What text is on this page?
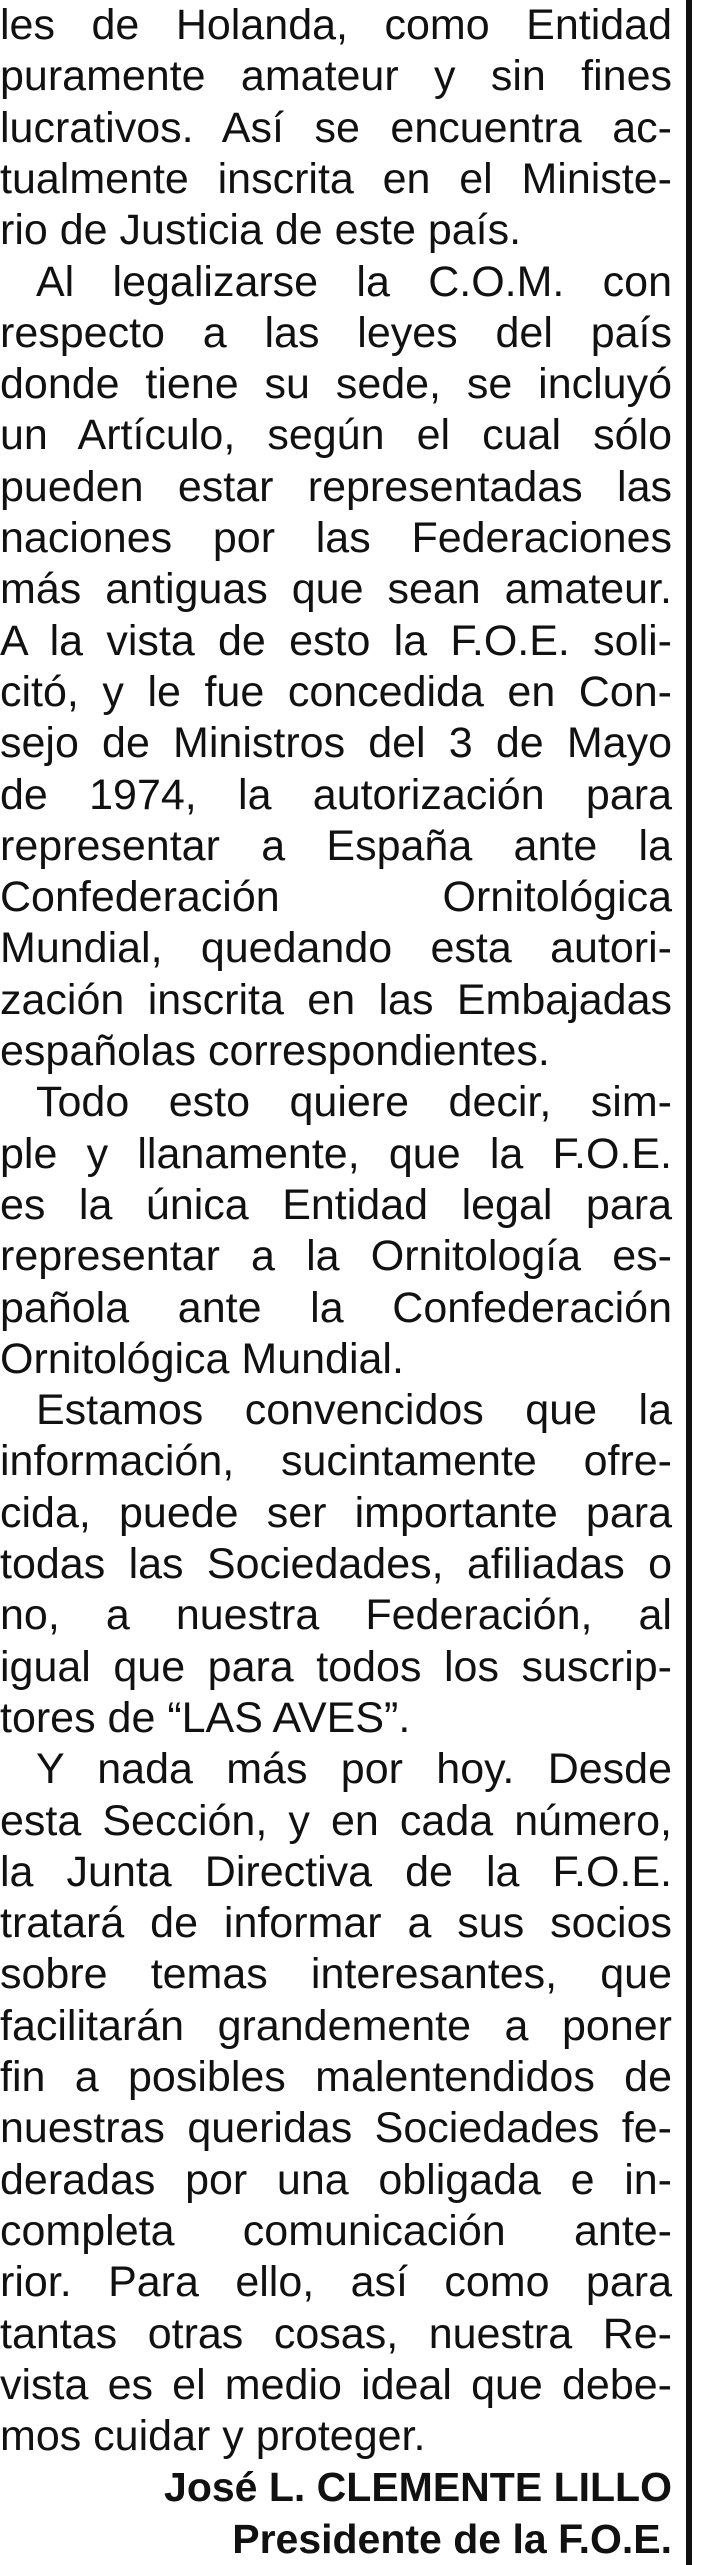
les de Holanda, como Entidad
puramente amateur y sin fines
lucrativos. Así se encuentra ac-
tualmente inscrita en el Ministe-
rio de Justicia de este país.
Al legalizarse la C.O.M. con
respecto a las leyes del país
donde tiene su sede, se incluyó
un Artículo, según el cual sólo
pueden estar representadas las
naciones por las Federaciones
más antiguas que sean amateur.
A la vista de esto la F.O.E. soli-
citó, y le fue concedida en Con-
sejo de Ministros del 3 de Mayo
de 1974, la autorización para
representar a España ante la
Confederación Ornitológica
Mundial, quedando esta autori-
zación inscrita en las Embajadas
españolas correspondientes.
Todo esto quiere decir, sim-
ple y llanamente, que la F.O.E.
es la única Entidad legal para
representar a la Ornitología es-
pañola ante la Confederación
Ornitológica Mundial.
Estamos convencidos que la
información, sucintamente ofre-
cida, puede ser importante para
todas las Sociedades, afiliadas o
no, a nuestra Federación, al
igual que para todos los suscrip-
tores de “LAS AVES”.
Y nada más por hoy. Desde
esta Sección, y en cada número,
la Junta Directiva de la F.O.E.
tratará de informar a sus socios
sobre temas interesantes, que
facilitarán grandemente a poner
fin a posibles malentendidos de
nuestras queridas Sociedades fe-
deradas por una obligada e in-
completa comunicación ante-
rior. Para ello, así como para
tantas otras cosas, nuestra Re-
vista es el medio ideal que debe-
mos cuidar y proteger.
José L. CLEMENTE LILLO
Presidente de la F.O.E.
